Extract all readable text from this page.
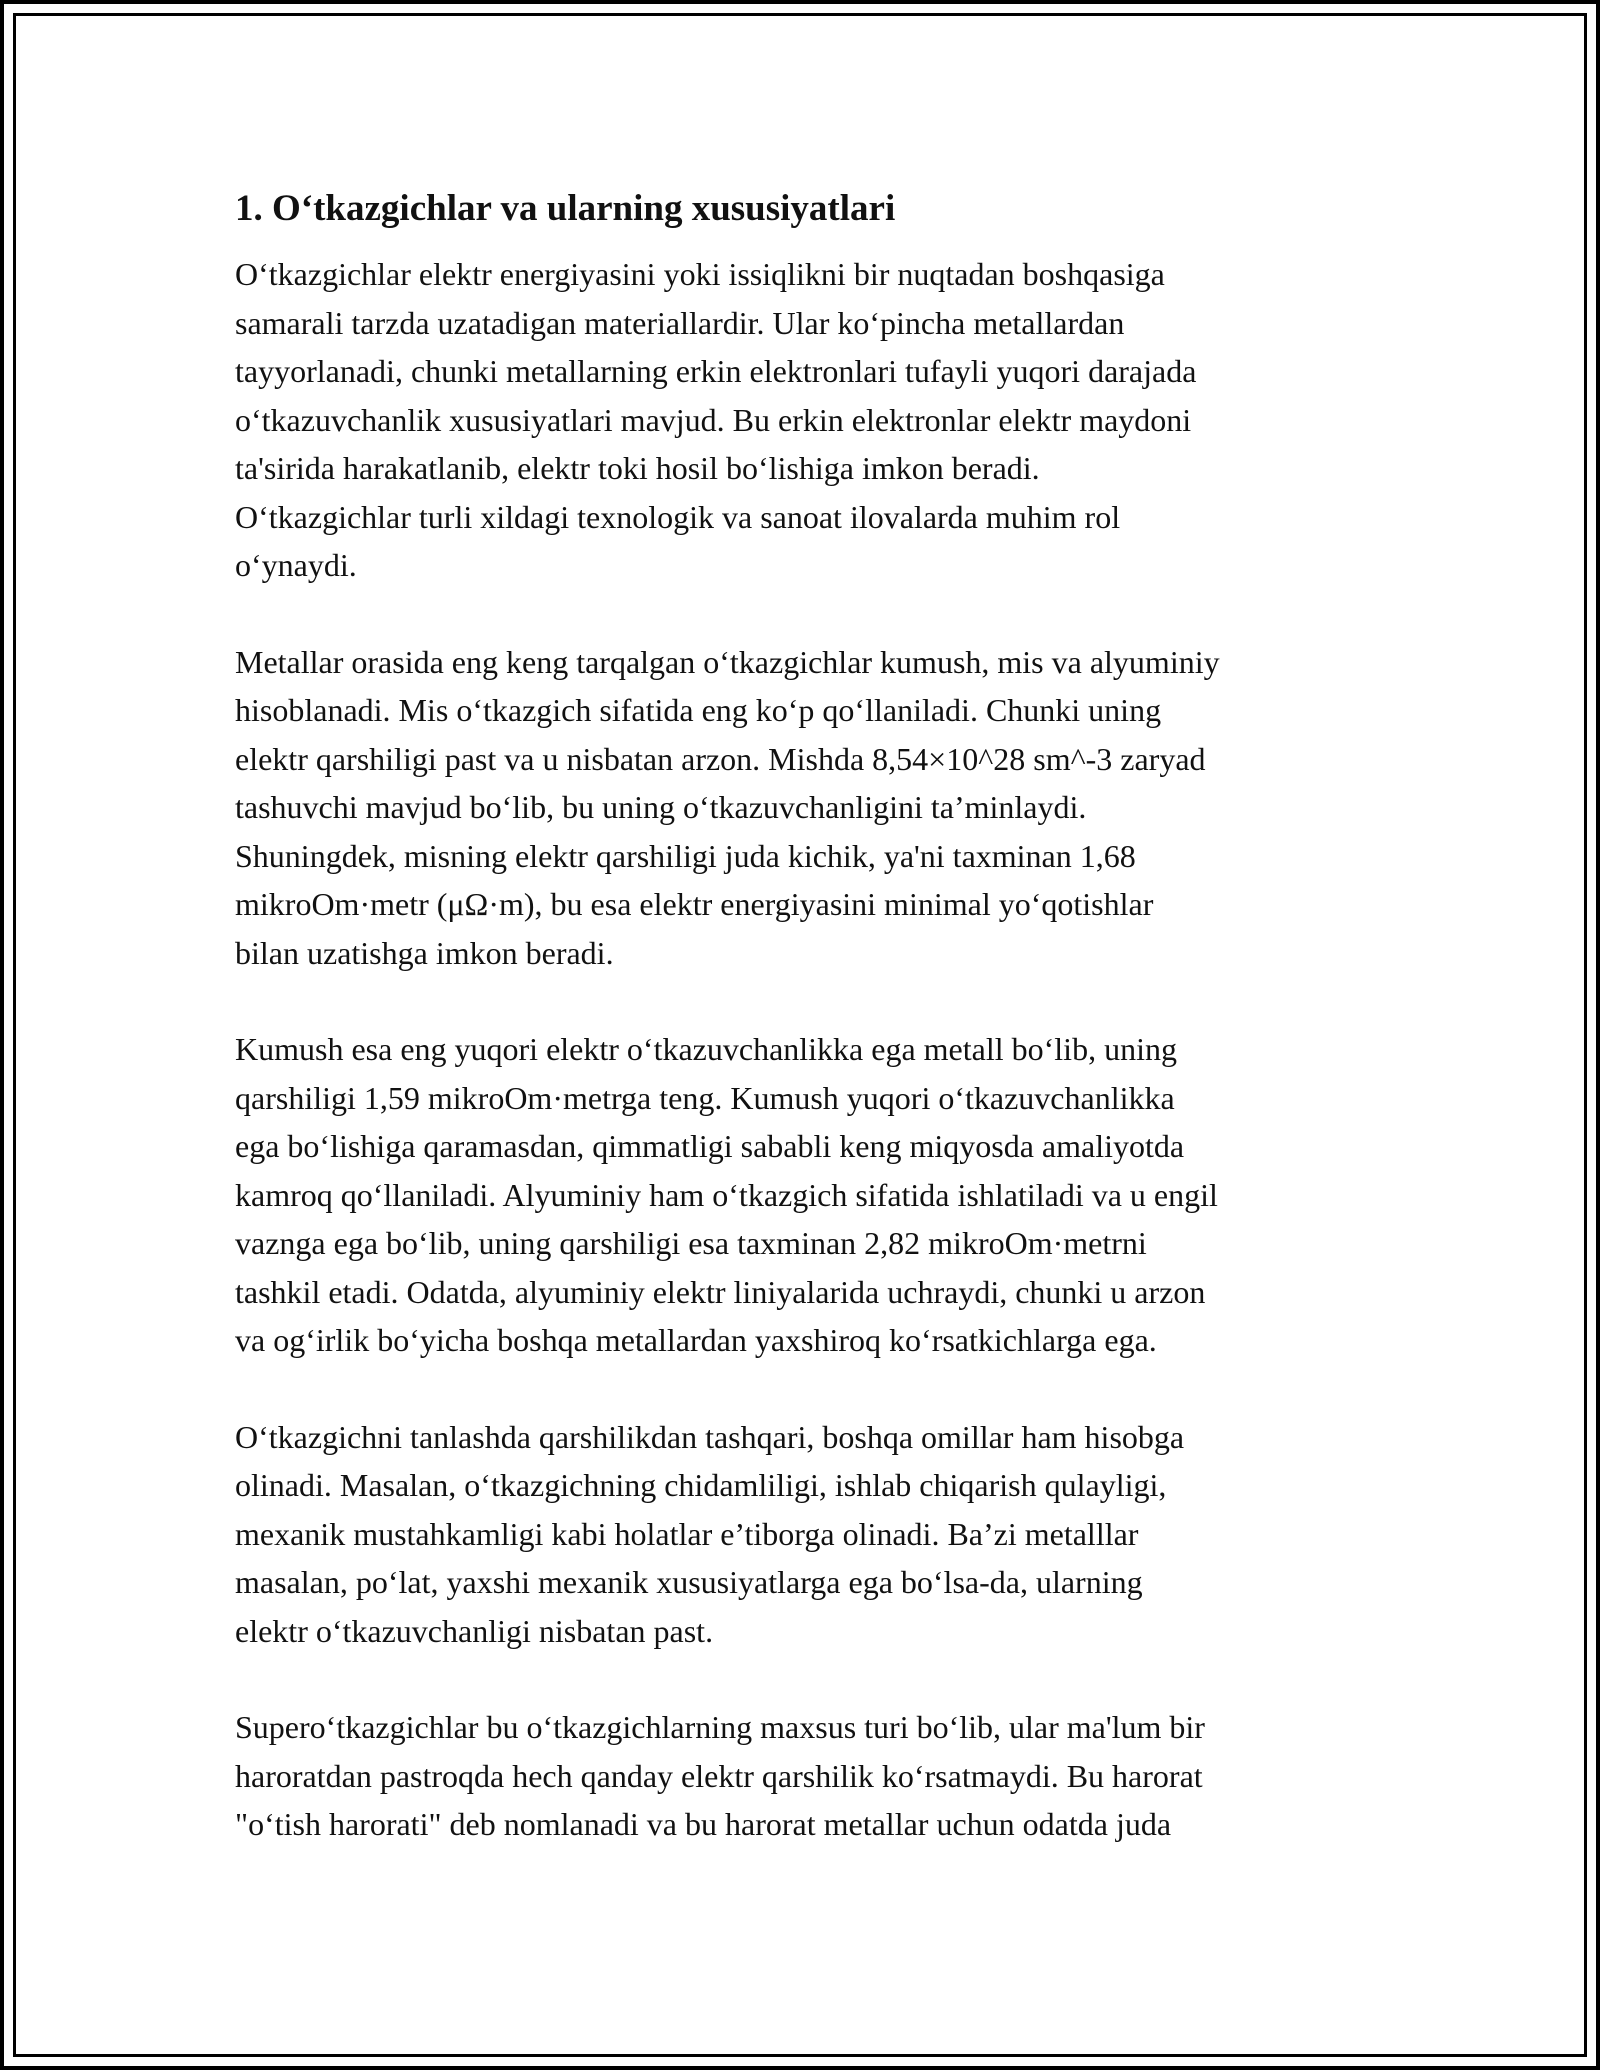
1. O‘tkazgichlar va ularning xususiyatlari
O‘tkazgichlar elektr energiyasini yoki issiqlikni bir nuqtadan boshqasiga
samarali tarzda uzatadigan materiallardir. Ular ko‘pincha metallardan
tayyorlanadi, chunki metallarning erkin elektronlari tufayli yuqori darajada
o‘tkazuvchanlik xususiyatlari mavjud. Bu erkin elektronlar elektr maydoni
ta'sirida harakatlanib, elektr toki hosil bo‘lishiga imkon beradi.
O‘tkazgichlar turli xildagi texnologik va sanoat ilovalarda muhim rol
o‘ynaydi.
Metallar orasida eng keng tarqalgan o‘tkazgichlar kumush, mis va alyuminiy
hisoblanadi. Mis o‘tkazgich sifatida eng ko‘p qo‘llaniladi. Chunki uning
elektr qarshiligi past va u nisbatan arzon. Mishda 8,54×10^28 sm^-3 zaryad
tashuvchi mavjud bo‘lib, bu uning o‘tkazuvchanligini ta’minlaydi.
Shuningdek, misning elektr qarshiligi juda kichik, ya'ni taxminan 1,68
mikroOm·metr (μΩ·m), bu esa elektr energiyasini minimal yo‘qotishlar
bilan uzatishga imkon beradi.
Kumush esa eng yuqori elektr o‘tkazuvchanlikka ega metall bo‘lib, uning
qarshiligi 1,59 mikroOm·metrga teng. Kumush yuqori o‘tkazuvchanlikka
ega bo‘lishiga qaramasdan, qimmatligi sababli keng miqyosda amaliyotda
kamroq qo‘llaniladi. Alyuminiy ham o‘tkazgich sifatida ishlatiladi va u engil
vaznga ega bo‘lib, uning qarshiligi esa taxminan 2,82 mikroOm·metrni
tashkil etadi. Odatda, alyuminiy elektr liniyalarida uchraydi, chunki u arzon
va og‘irlik bo‘yicha boshqa metallardan yaxshiroq ko‘rsatkichlarga ega.
O‘tkazgichni tanlashda qarshilikdan tashqari, boshqa omillar ham hisobga
olinadi. Masalan, o‘tkazgichning chidamliligi, ishlab chiqarish qulayligi,
mexanik mustahkamligi kabi holatlar e’tiborga olinadi. Ba’zi metalllar
masalan, po‘lat, yaxshi mexanik xususiyatlarga ega bo‘lsa-da, ularning
elektr o‘tkazuvchanligi nisbatan past.
Supero‘tkazgichlar bu o‘tkazgichlarning maxsus turi bo‘lib, ular ma'lum bir
haroratdan pastroqda hech qanday elektr qarshilik ko‘rsatmaydi. Bu harorat
"o‘tish harorati" deb nomlanadi va bu harorat metallar uchun odatda juda
